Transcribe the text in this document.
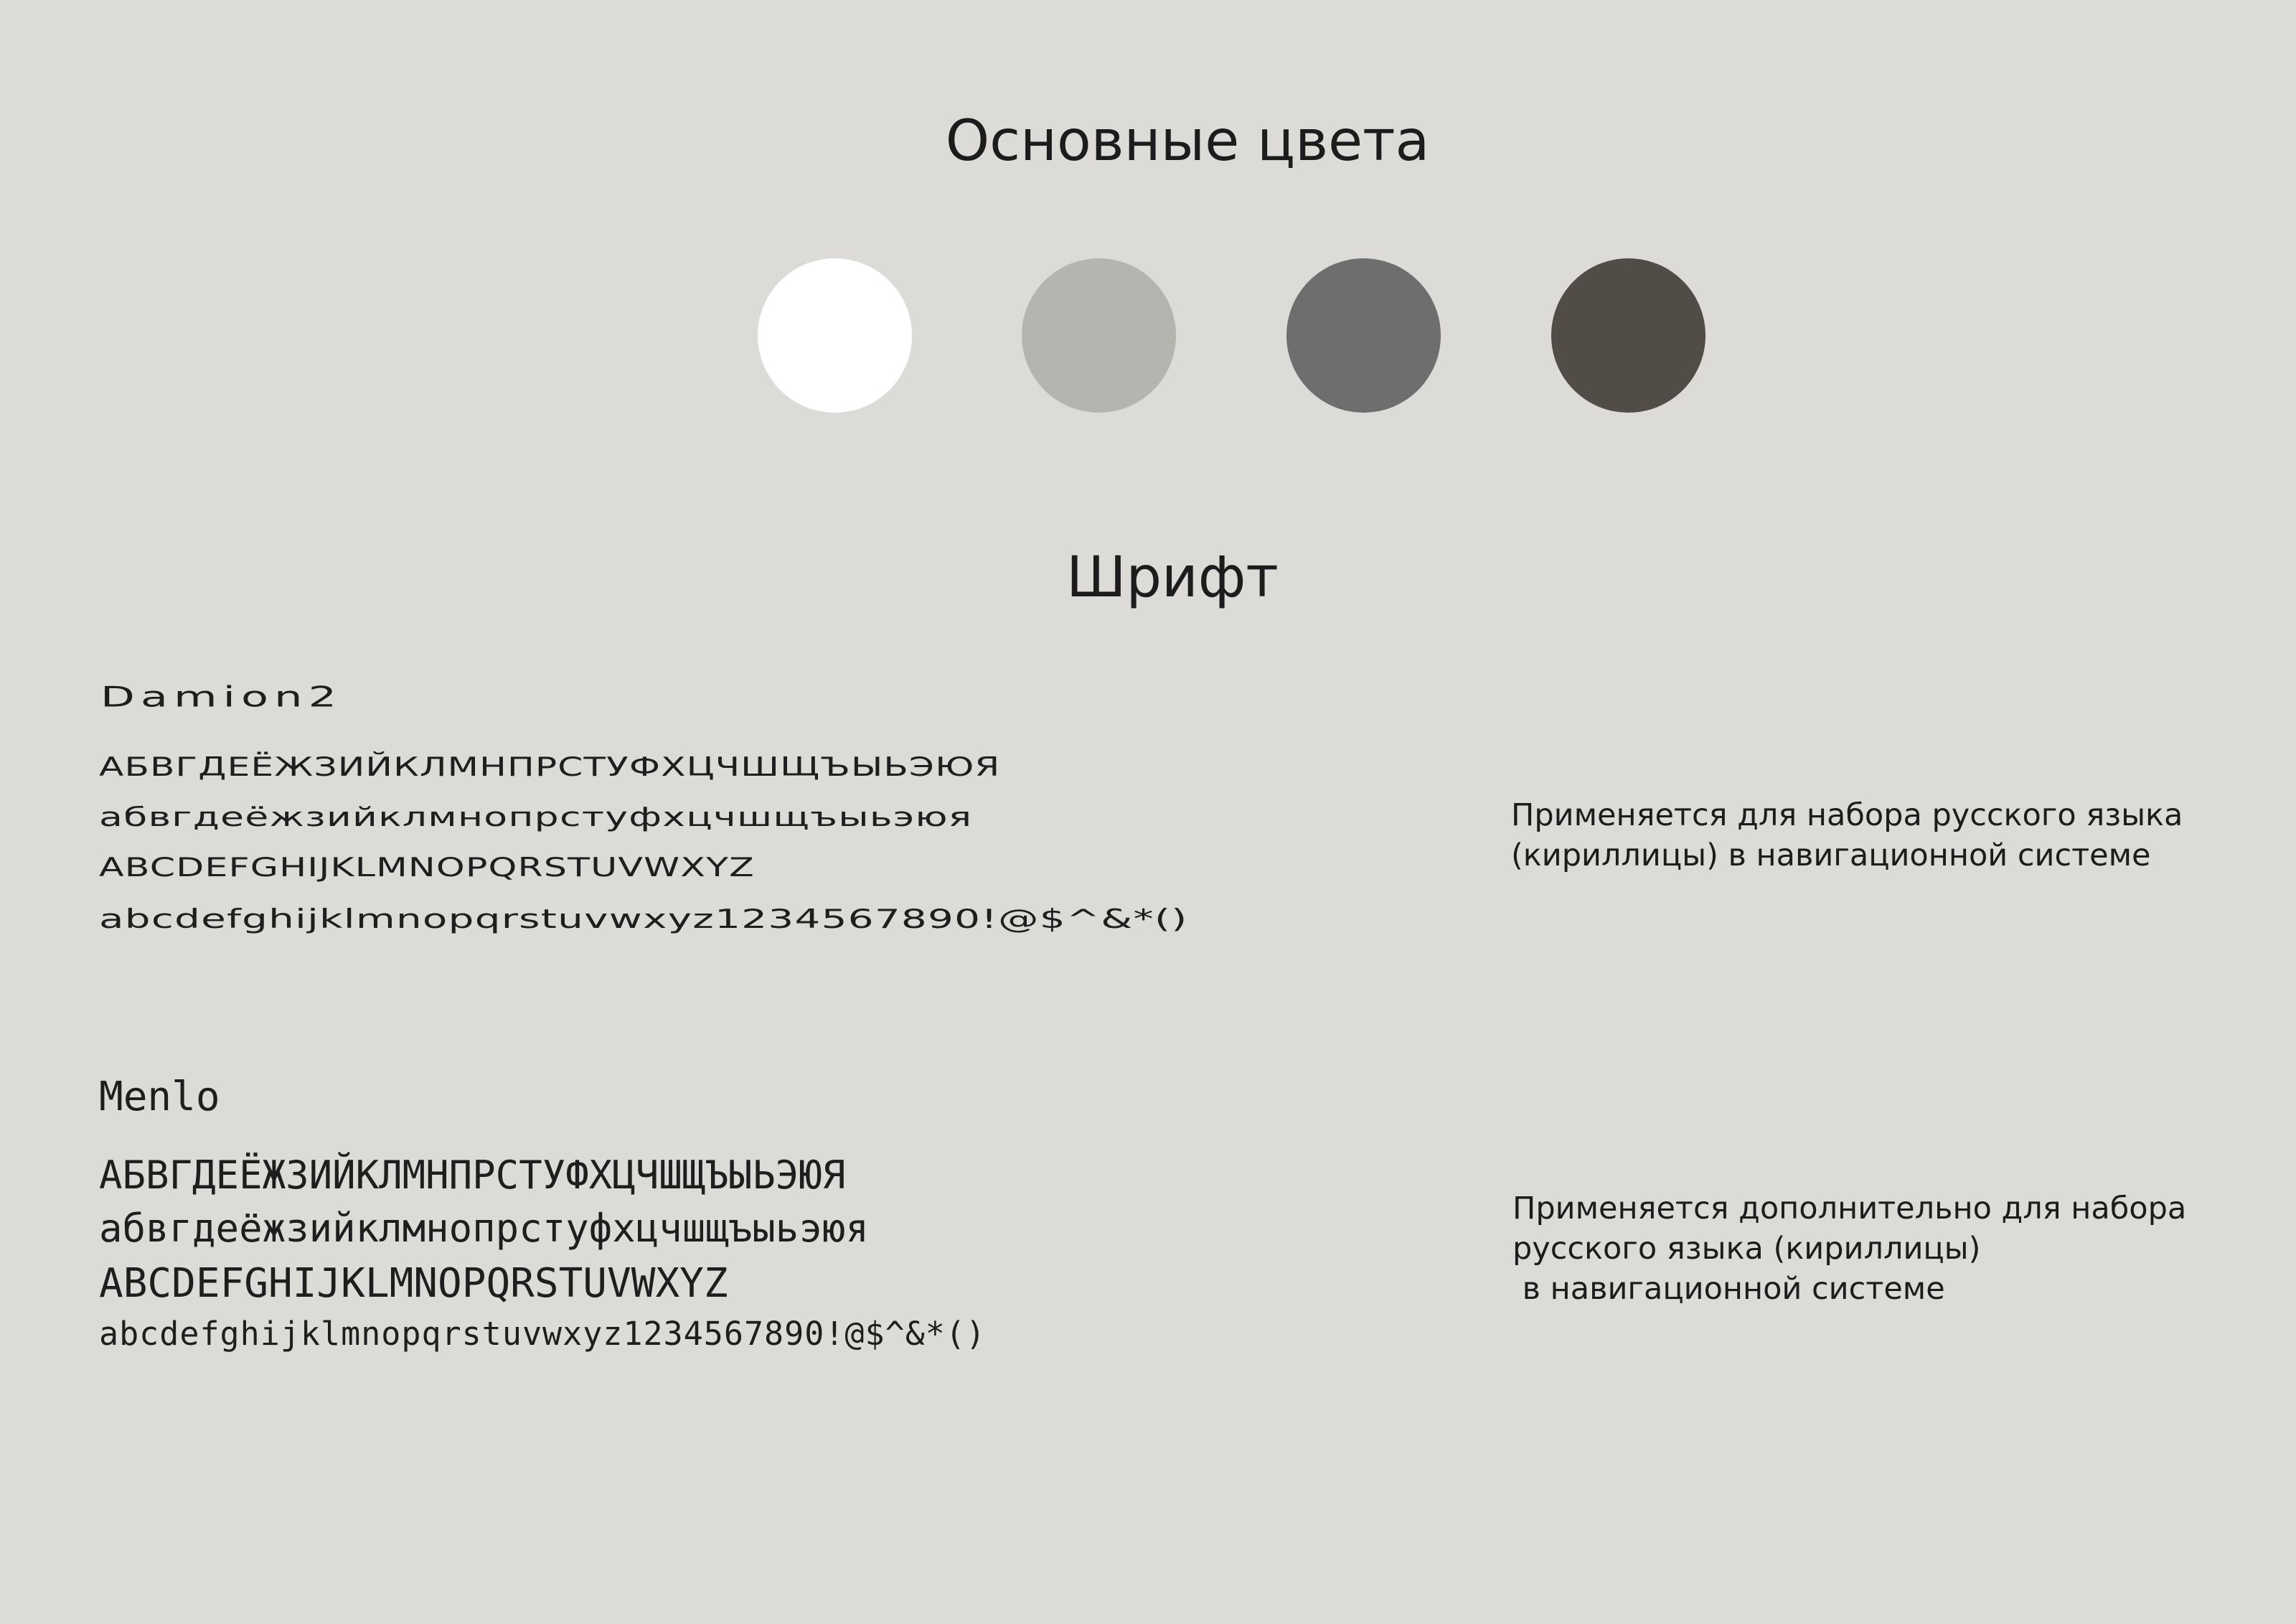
Основные цвета
Шрифт
Damion2
АБВГДЕЁЖЗИЙКЛМНПРСТУФХЦЧШЩЪЫЬЭЮЯ
абвгдеёжзийклмнопрстуфхцчшщъыьэюя
ABCDEFGHIJKLMNOPQRSTUVWXYZ
abcdefghijklmnopqrstuvwxyz1234567890!@$^&*()
Применяется для набора русского языка
(кириллицы) в навигационной системе
Menlo
АБВГДЕЁЖЗИЙКЛМНПРСТУФХЦЧШЩЪЫЬЭЮЯ
абвгдеёжзийклмнопрстуфхцчшщъыьэюя
ABCDEFGHIJKLMNOPQRSTUVWXYZ
abcdefghijklmnopqrstuvwxyz1234567890!@$^&*()
Применяется дополнительно для набора
русского языка (кириллицы)
в навигационной системе
